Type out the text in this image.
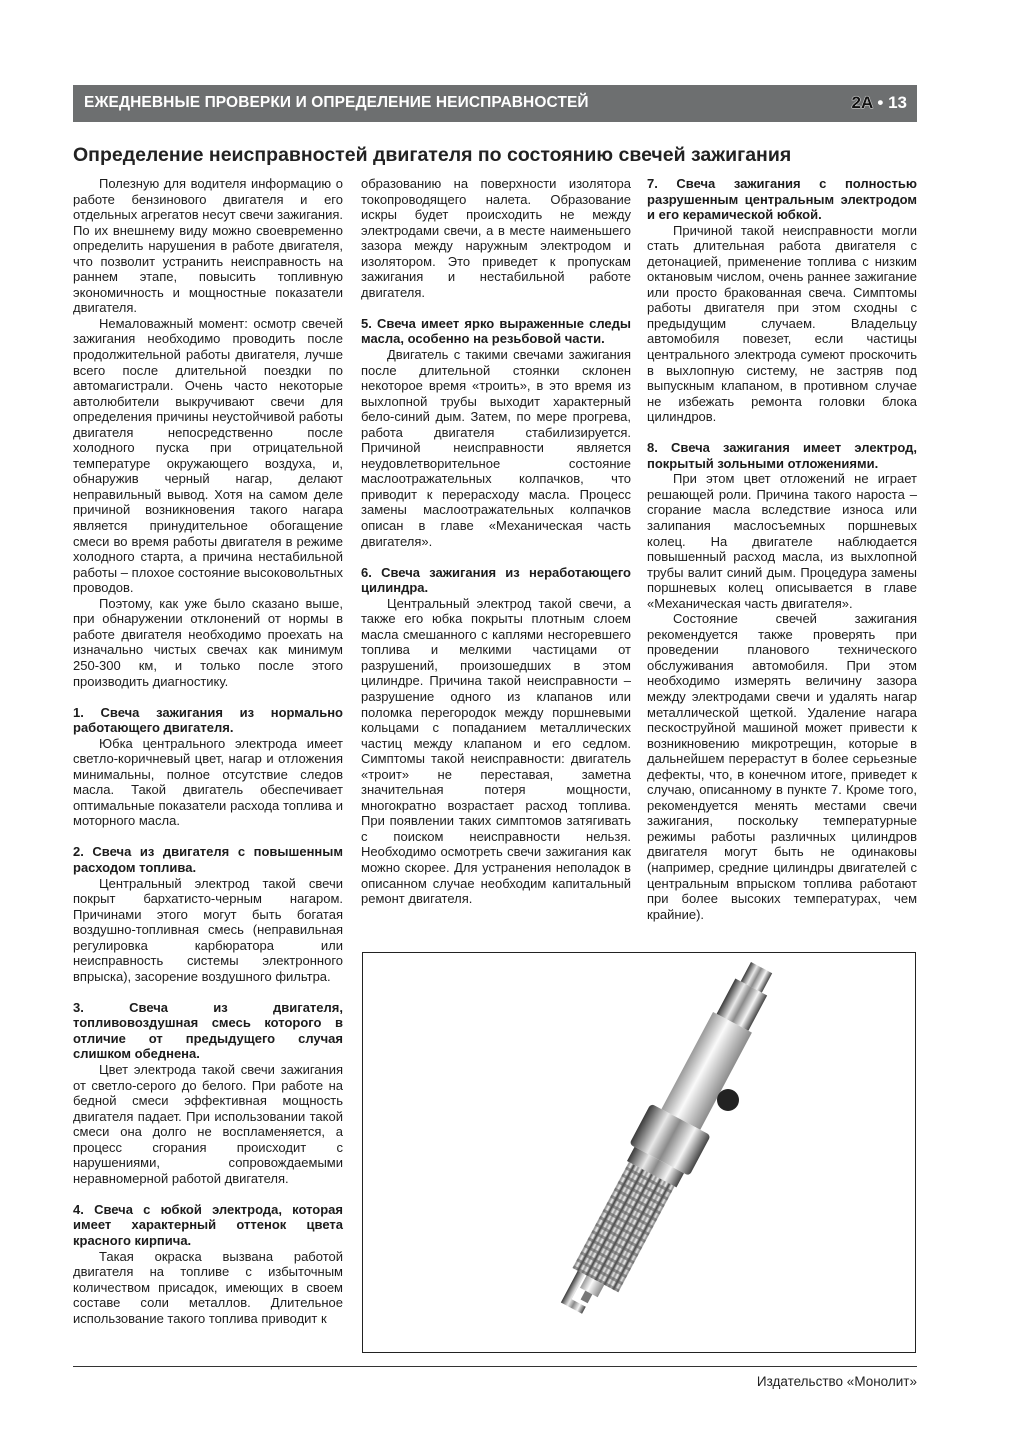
ЕЖЕДНЕВНЫЕ ПРОВЕРКИ И ОПРЕДЕЛЕНИЕ НЕИСПРАВНОСТЕЙ	2A • 13
Определение неисправностей двигателя по состоянию свечей зажигания

Полезную для водителя информацию о работе бензинового двигателя и его отдельных агрегатов несут свечи зажигания. По их внешнему виду можно своевременно определить нарушения в работе двигателя, что позволит устранить неисправность на раннем этапе, повысить топливную экономичность и мощностные показатели двигателя.

Немаловажный момент: осмотр свечей зажигания необходимо проводить после продолжительной работы двигателя, лучше всего после длительной поездки по автомагистрали. Очень часто некоторые автолюбители выкручивают свечи для определения причины неустойчивой работы двигателя непосредственно после холодного пуска при отрицательной температуре окружающего воздуха, и, обнаружив черный нагар, делают неправильный вывод. Хотя на самом деле причиной возникновения такого нагара является принудительное обогащение смеси во время работы двигателя в режиме холодного старта, а причина нестабильной работы – плохое состояние высоковольтных проводов.

Поэтому, как уже было сказано выше, при обнаружении отклонений от нормы в работе двигателя необходимо проехать на изначально чистых свечах как минимум 250-300 км, и только после этого производить диагностику.

1. Свеча зажигания из нормально работающего двигателя.

Юбка центрального электрода имеет светло-коричневый цвет, нагар и отложения минимальны, полное отсутствие следов масла. Такой двигатель обеспечивает оптимальные показатели расхода топлива и моторного масла.

2. Свеча из двигателя с повышенным расходом топлива.

Центральный электрод такой свечи покрыт бархатисто-черным нагаром. Причинами этого могут быть богатая воздушно-топливная смесь (неправильная регулировка карбюратора или неисправность системы электронного впрыска), засорение воздушного фильтра.

3. Свеча из двигателя, топливовоздушная смесь которого в отличие от предыдущего случая слишком обеднена.

Цвет электрода такой свечи зажигания от светло-серого до белого. При работе на бедной смеси эффективная мощность двигателя падает. При использовании такой смеси она долго не воспламеняется, а процесс сгорания происходит с нарушениями, сопровождаемыми неравномерной работой двигателя.

4. Свеча с юбкой электрода, которая имеет характерный оттенок цвета красного кирпича.

Такая окраска вызвана работой двигателя на топливе с избыточным количеством присадок, имеющих в своем составе соли металлов. Длительное использование такого топлива приводит к

образованию на поверхности изолятора токопроводящего налета. Образование искры будет происходить не между электродами свечи, а в месте наименьшего зазора между наружным электродом и изолятором. Это приведет к пропускам зажигания и нестабильной работе двигателя.

5. Свеча имеет ярко выраженные следы масла, особенно на резьбовой части.

Двигатель с такими свечами зажигания после длительной стоянки склонен некоторое время «троить», в это время из выхлопной трубы выходит характерный бело-синий дым. Затем, по мере прогрева, работа двигателя стабилизируется. Причиной неисправности является неудовлетворительное состояние маслоотражательных колпачков, что приводит к перерасходу масла. Процесс замены маслоотражательных колпачков описан в главе «Механическая часть двигателя».

6. Свеча зажигания из неработающего цилиндра.

Центральный электрод такой свечи, а также его юбка покрыты плотным слоем масла смешанного с каплями несгоревшего топлива и мелкими частицами от разрушений, произошедших в этом цилиндре. Причина такой неисправности – разрушение одного из клапанов или поломка перегородок между поршневыми кольцами с попаданием металлических частиц между клапаном и его седлом. Симптомы такой неисправности: двигатель «троит» не переставая, заметна значительная потеря мощности, многократно возрастает расход топлива. При появлении таких симптомов затягивать с поиском неисправности нельзя. Необходимо осмотреть свечи зажигания как можно скорее. Для устранения неполадок в описанном случае необходим капитальный ремонт двигателя.

7. Свеча зажигания с полностью разрушенным центральным электродом и его керамической юбкой.

Причиной такой неисправности могли стать длительная работа двигателя с детонацией, применение топлива с низким октановым числом, очень раннее зажигание или просто бракованная свеча. Симптомы работы двигателя при этом сходны с предыдущим случаем. Владельцу автомобиля повезет, если частицы центрального электрода сумеют проскочить в выхлопную систему, не застряв под выпускным клапаном, в противном случае не избежать ремонта головки блока цилиндров.

8. Свеча зажигания имеет электрод, покрытый зольными отложениями.

При этом цвет отложений не играет решающей роли. Причина такого нароста – сгорание масла вследствие износа или залипания маслосъемных поршневых колец. На двигателе наблюдается повышенный расход масла, из выхлопной трубы валит синий дым. Процедура замены поршневых колец описывается в главе «Механическая часть двигателя».

Состояние свечей зажигания рекомендуется также проверять при проведении планового технического обслуживания автомобиля. При этом необходимо измерять величину зазора между электродами свечи и удалять нагар металлической щеткой. Удаление нагара пескоструйной машиной может привести к возникновению микротрещин, которые в дальнейшем перерастут в более серьезные дефекты, что, в конечном итоге, приведет к случаю, описанному в пункте 7. Кроме того, рекомендуется менять местами свечи зажигания, поскольку температурные режимы работы различных цилиндров двигателя могут быть не одинаковы (например, средние цилиндры двигателей с центральным впрыском топлива работают при более высоких температурах, чем крайние).

Издательство «Монолит»
